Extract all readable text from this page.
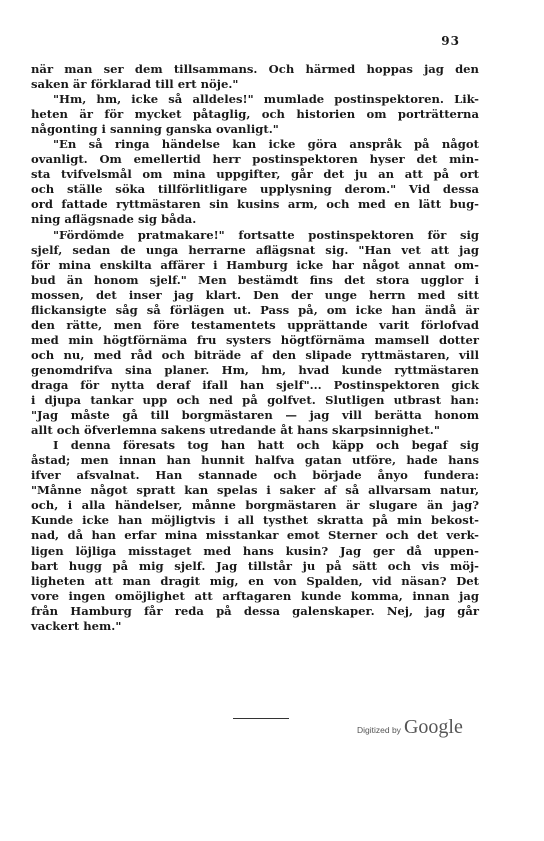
93
när man ser dem tillsammans. Och härmed hoppas jag den
saken är förklarad till ert nöje."
"Hm, hm, icke så alldeles!" mumlade postinspektoren. Lik-
heten är för mycket påtaglig, och historien om porträtterna
någonting i sanning ganska ovanligt."
"En så ringa händelse kan icke göra anspråk på något
ovanligt. Om emellertid herr postinspektoren hyser det min-
sta tvifvelsmål om mina uppgifter, går det ju an att på ort
och ställe söka tillförlitligare upplysning derom." Vid dessa
ord fattade ryttmästaren sin kusins arm, och med en lätt bug-
ning aflägsnade sig båda.
"Fördömde pratmakare!" fortsatte postinspektoren för sig
sjelf, sedan de unga herrarne aflägsnat sig. "Han vet att jag
för mina enskilta affärer i Hamburg icke har något annat om-
bud än honom sjelf." Men bestämdt fins det stora ugglor i
mossen, det inser jag klart. Den der unge herrn med sitt
flickansigte såg så förlägen ut. Pass på, om icke han ändå är
den rätte, men före testamentets upprättande varit förlofvad
med min högtförnäma fru systers högtförnäma mamsell dotter
och nu, med råd och biträde af den slipade ryttmästaren, vill
genomdrifva sina planer. Hm, hm, hvad kunde ryttmästaren
draga för nytta deraf ifall han sjelf"... Postinspektoren gick
i djupa tankar upp och ned på golfvet. Slutligen utbrast han:
"Jag måste gå till borgmästaren — jag vill berätta honom
allt och öfverlemna sakens utredande åt hans skarpsinnighet."
I denna föresats tog han hatt och käpp och begaf sig
åstad; men innan han hunnit halfva gatan utföre, hade hans
ifver afsvalnat. Han stannade och började ånyo fundera:
"Månne något spratt kan spelas i saker af så allvarsam natur,
och, i alla händelser, månne borgmästaren är slugare än jag?
Kunde icke han möjligtvis i all tysthet skratta på min bekost-
nad, då han erfar mina misstankar emot Sterner och det verk-
ligen löjliga misstaget med hans kusin? Jag ger då uppen-
bart hugg på mig sjelf. Jag tillstår ju på sätt och vis möj-
ligheten att man dragit mig, en von Spalden, vid näsan? Det
vore ingen omöjlighet att arftagaren kunde komma, innan jag
från Hamburg får reda på dessa galenskaper. Nej, jag går
vackert hem."
Digitized by Google
